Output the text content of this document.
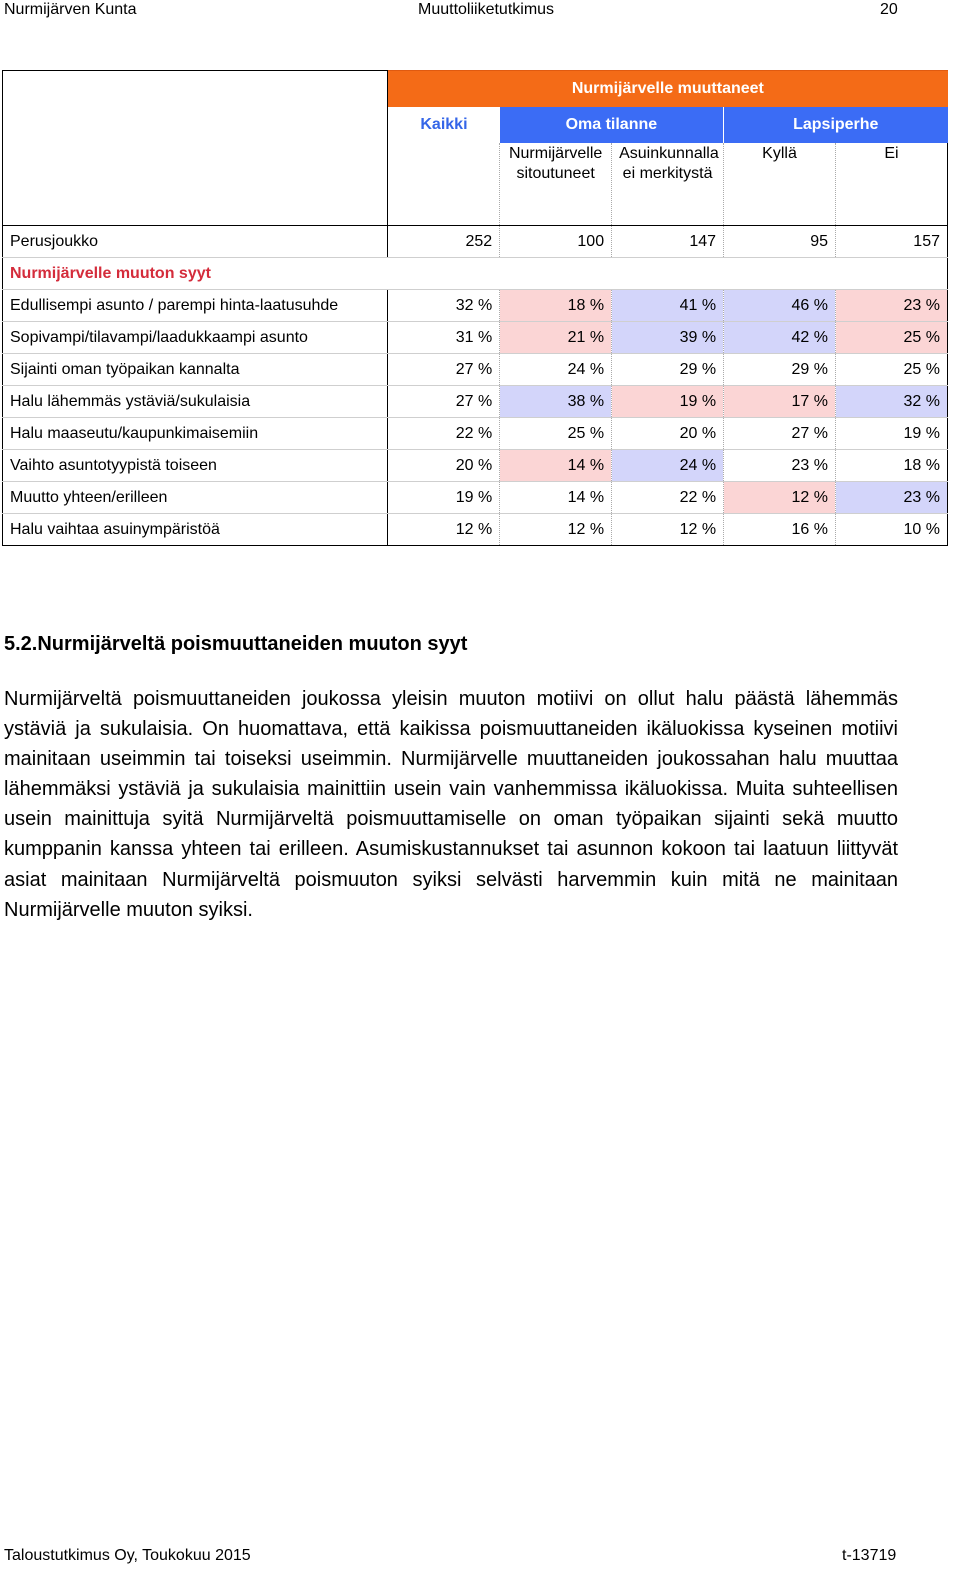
Nurmijärven Kunta	Muuttoliiketutkimus	20
	Nurmijärvelle muuttaneet				
	Kaikki	Oma tilanne		Lapsiperhe	
		Nurmijärvelle sitoutuneet	Asuinkunnalla ei merkitystä	Kyllä	Ei
Perusjoukko	252	100	147	95	157
Nurmijärvelle muuton syyt					
Edullisempi asunto / parempi hinta-laatusuhde	32 %	18 %	41 %	46 %	23 %
Sopivampi/tilavampi/laadukkaampi asunto	31 %	21 %	39 %	42 %	25 %
Sijainti oman työpaikan kannalta	27 %	24 %	29 %	29 %	25 %
Halu lähemmäs ystäviä/sukulaisia	27 %	38 %	19 %	17 %	32 %
Halu maaseutu/kaupunkimaisemiin	22 %	25 %	20 %	27 %	19 %
Vaihto asuntotyypistä toiseen	20 %	14 %	24 %	23 %	18 %
Muutto yhteen/erilleen	19 %	14 %	22 %	12 %	23 %
Halu vaihtaa asuinympäristöä	12 %	12 %	12 %	16 %	10 %
5.2.Nurmijärveltä poismuuttaneiden muuton syyt

Nurmijärveltä poismuuttaneiden joukossa yleisin muuton motiivi on ollut halu päästä lähemmäs ystäviä ja sukulaisia. On huomattava, että kaikissa poismuuttaneiden ikäluokissa kyseinen motiivi mainitaan useimmin tai toiseksi useimmin. Nurmijärvelle muuttaneiden joukossahan halu muuttaa lähemmäksi ystäviä ja sukulaisia mainittiin usein vain vanhemmissa ikäluokissa. Muita suhteellisen usein mainittuja syitä Nurmijärveltä poismuuttamiselle on oman työpaikan sijainti sekä muutto kumppanin kanssa yhteen tai erilleen. Asumiskustannukset tai asunnon kokoon tai laatuun liittyvät asiat mainitaan Nurmijärveltä poismuuton syiksi selvästi harvemmin kuin mitä ne mainitaan Nurmijärvelle muuton syiksi.

Taloustutkimus Oy, Toukokuu 2015	t-13719
